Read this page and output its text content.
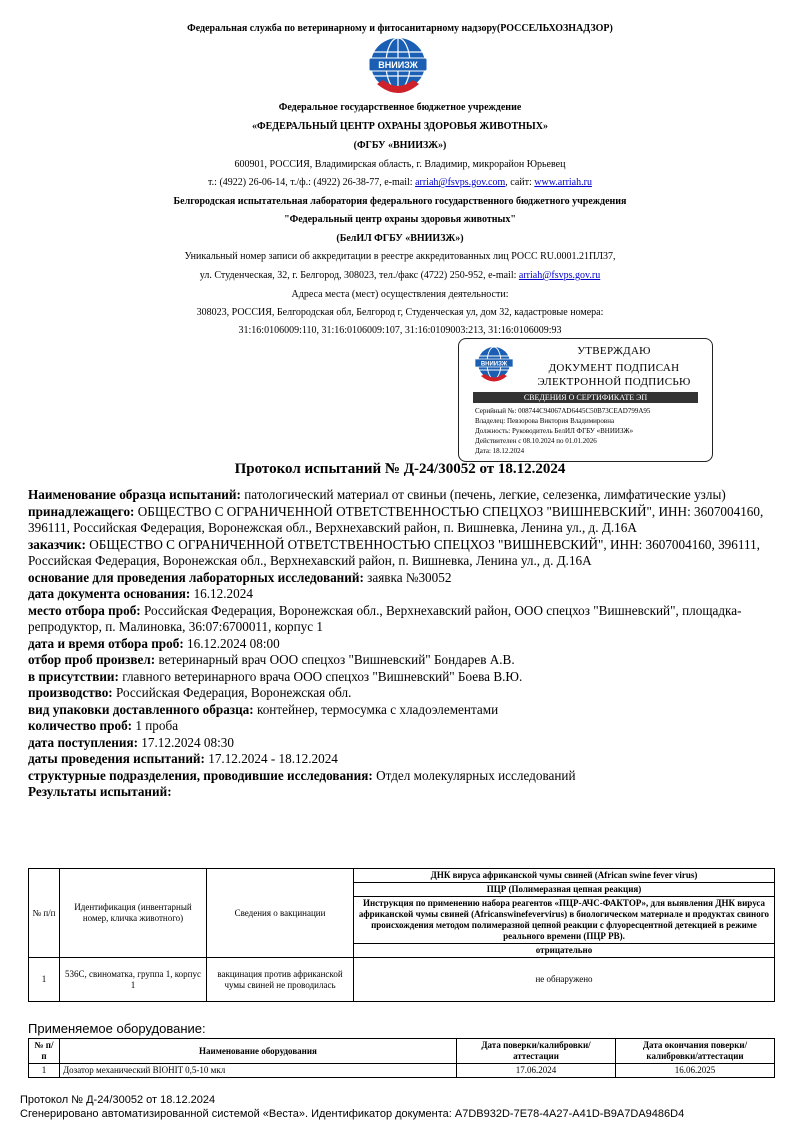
Федеральная служба по ветеринарному и фитосанитарному надзору(РОССЕЛЬХОЗНАДЗОР)
ВНИИЗЖ
Федеральное государственное бюджетное учреждение
«ФЕДЕРАЛЬНЫЙ ЦЕНТР ОХРАНЫ ЗДОРОВЬЯ ЖИВОТНЫХ»
(ФГБУ «ВНИИЗЖ»)
600901, РОССИЯ, Владимирская область, г. Владимир, микрорайон Юрьевец
т.: (4922) 26-06-14, т./ф.: (4922) 26-38-77, e-mail: arriah@fsvps.gov.com, сайт: www.arriah.ru
Белгородская испытательная лаборатория федерального государственного бюджетного учреждения
"Федеральный центр охраны здоровья животных"
(БелИЛ ФГБУ «ВНИИЗЖ»)
Уникальный номер записи об аккредитации в реестре аккредитованных лиц РОСС RU.0001.21ПЛ37,
ул. Студенческая, 32, г. Белгород, 308023, тел./факс (4722) 250-952, e-mail: arriah@fsvps.gov.ru
Адреса места (мест) осуществления деятельности:
308023, РОССИЯ, Белгородская обл, Белгород г, Студенческая ул, дом 32, кадастровые номера:
31:16:0106009:110, 31:16:0106009:107, 31:16:0109003:213, 31:16:0106009:93
ВНИИЗЖ
УТВЕРЖДАЮ
ДОКУМЕНТ ПОДПИСАН
ЭЛЕКТРОННОЙ ПОДПИСЬЮ
СВЕДЕНИЯ О СЕРТИФИКАТЕ ЭП
Серийный №: 008744C94067AD6445C50B73CEAD799A95
Владелец: Певзорова Виктория Владимировна
Должность: Руководитель БелИЛ ФГБУ «ВНИИЗЖ»
Действителен с 08.10.2024 по 01.01.2026
Дата: 18.12.2024
Протокол испытаний № Д-24/30052 от 18.12.2024

Наименование образца испытаний: патологический материал от свиньи (печень, легкие, селезенка, лимфатические узлы)

принадлежащего: ОБЩЕСТВО С ОГРАНИЧЕННОЙ ОТВЕТСТВЕННОСТЬЮ СПЕЦХОЗ "ВИШНЕВСКИЙ", ИНН: 3607004160, 396111, Российская Федерация, Воронежская обл., Верхнехавский район, п. Вишневка, Ленина ул., д. Д.16А

заказчик: ОБЩЕСТВО С ОГРАНИЧЕННОЙ ОТВЕТСТВЕННОСТЬЮ СПЕЦХОЗ "ВИШНЕВСКИЙ", ИНН: 3607004160, 396111, Российская Федерация, Воронежская обл., Верхнехавский район, п. Вишневка, Ленина ул., д. Д.16А

основание для проведения лабораторных исследований: заявка №30052

дата документа основания: 16.12.2024

место отбора проб: Российская Федерация, Воронежская обл., Верхнехавский район, ООО спецхоз "Вишневский", площадка-репродуктор, п. Малиновка, 36:07:6700011, корпус 1

дата и время отбора проб: 16.12.2024 08:00

отбор проб произвел: ветеринарный врач ООО спецхоз "Вишневский" Бондарев А.В.

в присутствии: главного ветеринарного врача ООО спецхоз "Вишневский" Боева В.Ю.

производство: Российская Федерация, Воронежская обл.

вид упаковки доставленного образца: контейнер, термосумка с хладоэлементами

количество проб: 1 проба

дата поступления: 17.12.2024 08:30

даты проведения испытаний: 17.12.2024 - 18.12.2024

структурные подразделения, проводившие исследования: Отдел молекулярных исследований

Результаты испытаний:

№ п/п	Идентификация (инвентарный номер, кличка животного)	Сведения о вакцинации	ДНК вируса африканской чумы свиней (African swine fever virus)
			ПЦР (Полимеразная цепная реакция)
			Инструкция по применению набора реагентов «ПЦР-АЧС-ФАКТОР», для выявления ДНК вируса африканской чумы свиней (Africanswinefevervirus) в биологическом материале и продуктах свиного происхождения методом полимеразной цепной реакции с флуоресцентной детекцией в режиме реального времени (ПЦР РВ).
			отрицательно
1	536С, свиноматка, группа 1, корпус 1	вакцинация против африканской чумы свиней не проводилась	не обнаружено
Применяемое оборудование:
№ п/п	Наименование оборудования	Дата поверки/калибровки/аттестации	Дата окончания поверки/калибровки/аттестации
1	Дозатор механический BIOHIT 0,5-10 мкл	17.06.2024	16.06.2025
Протокол № Д-24/30052 от 18.12.2024
Сгенерировано автоматизированной системой «Веста». Идентификатор документа: A7DB932D-7E78-4A27-A41D-B9A7DA9486D4
